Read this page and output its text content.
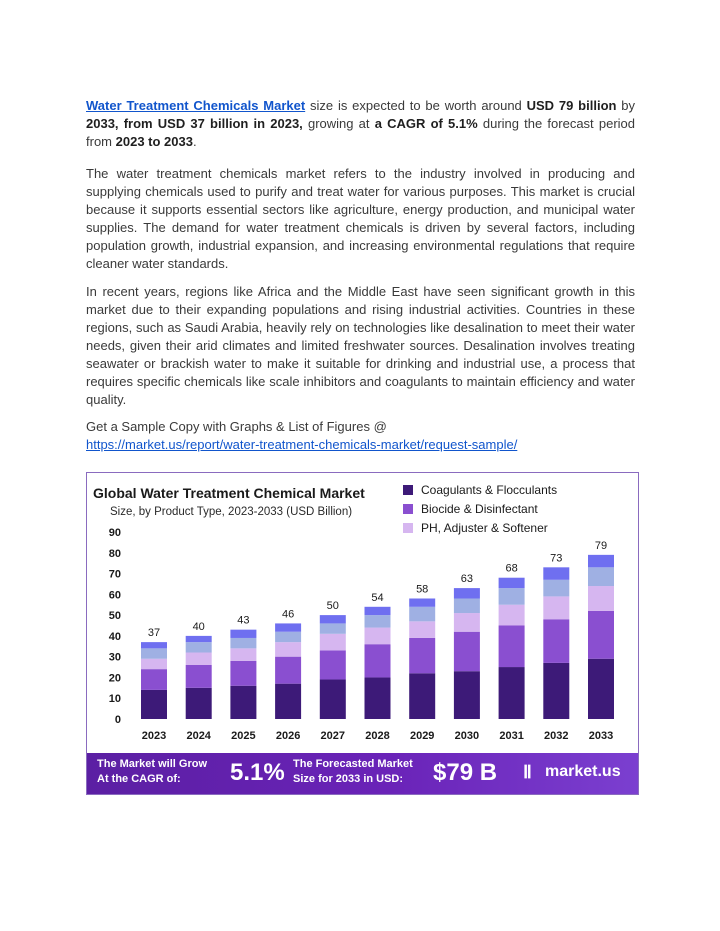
Water Treatment Chemicals Market size is expected to be worth around USD 79 billion by 2033, from USD 37 billion in 2023, growing at a CAGR of 5.1% during the forecast period from 2023 to 2033.

The water treatment chemicals market refers to the industry involved in producing and supplying chemicals used to purify and treat water for various purposes. This market is crucial because it supports essential sectors like agriculture, energy production, and municipal water supplies. The demand for water treatment chemicals is driven by several factors, including population growth, industrial expansion, and increasing environmental regulations that require cleaner water standards.

In recent years, regions like Africa and the Middle East have seen significant growth in this market due to their expanding populations and rising industrial activities. Countries in these regions, such as Saudi Arabia, heavily rely on technologies like desalination to meet their water needs, given their arid climates and limited freshwater sources. Desalination involves treating seawater or brackish water to make it suitable for drinking and industrial use, a process that requires specific chemicals like scale inhibitors and coagulants to maintain efficiency and water quality.

Get a Sample Copy with Graphs & List of Figures @
https://market.us/report/water-treatment-chemicals-market/request-sample/

Global Water Treatment Chemical Market
Size, by Product Type, 2023-2033 (USD Billion)
Coagulants & Flocculants
Biocide & Disinfectant
PH, Adjuster & Softener
0
10
20
30
40
50
60
70
80
90
37
40
43
46
50
54
58
63
68
73
79
2023 2024 2025 2026 2027 2028 2029 2030 2031 2032 2033
The Market will Grow
At the CAGR of: 5.1% The Forecasted Market
Size for 2033 in USD: $79 B Ⅱ market.us
